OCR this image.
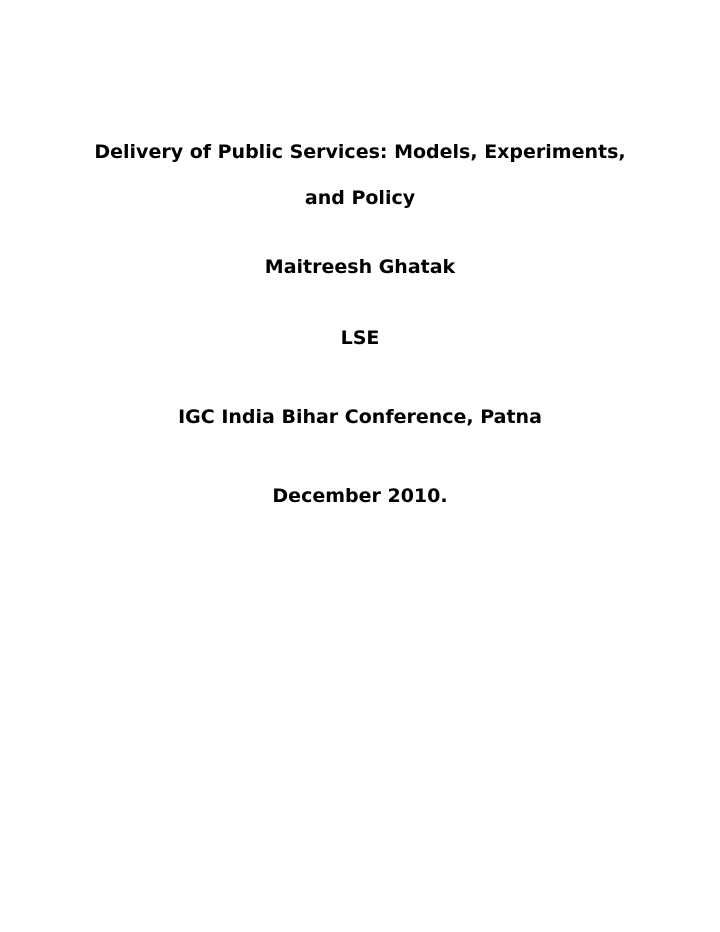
Delivery of Public Services: Models, Experiments,
and Policy
Maitreesh Ghatak
LSE
IGC India Bihar Conference, Patna
December 2010.
